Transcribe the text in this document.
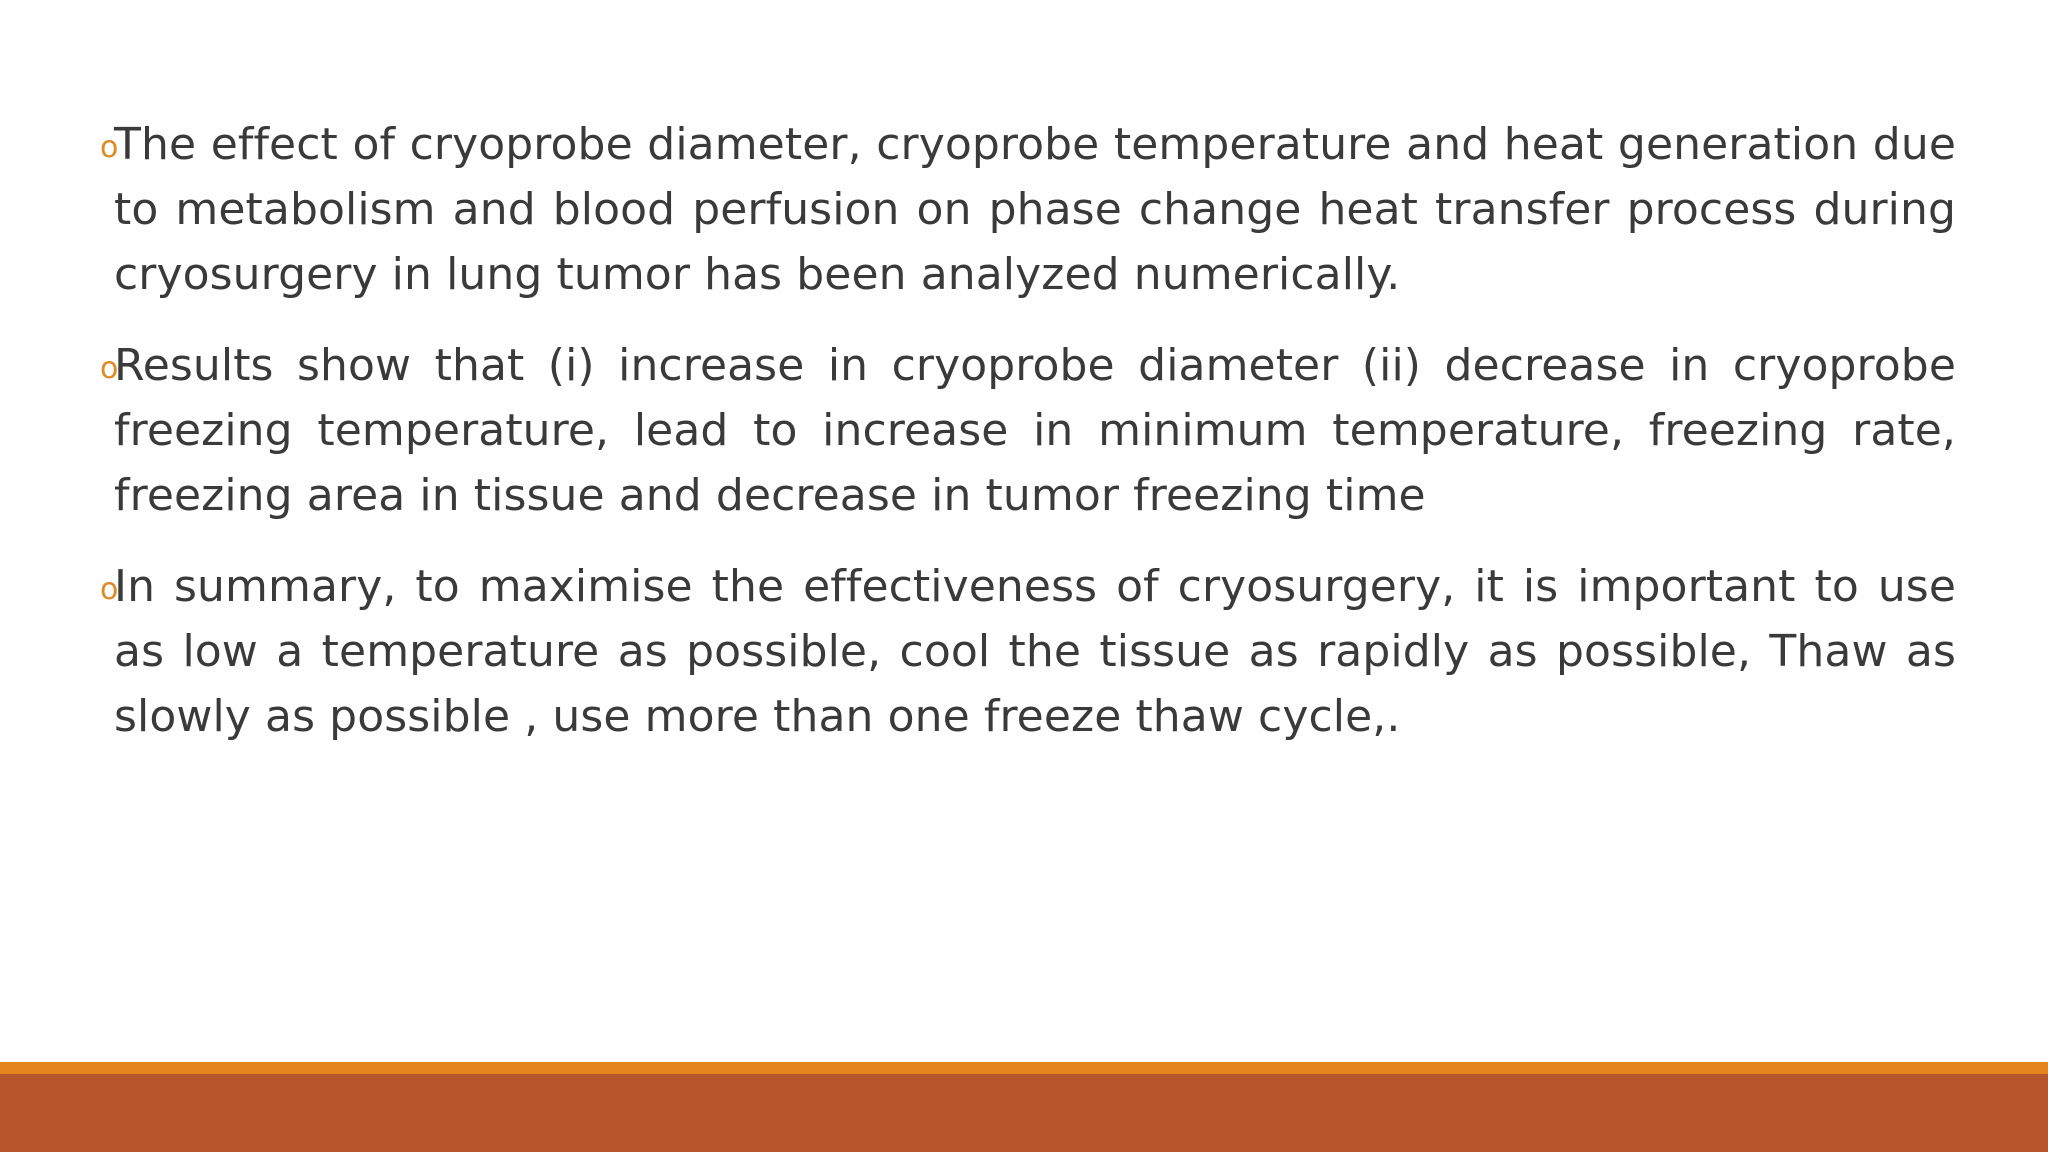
o
The effect of cryoprobe diameter, cryoprobe temperature and heat generation due to metabolism and blood perfusion on phase change heat transfer process during cryosurgery in lung tumor has been analyzed numerically.

o
Results show that (i) increase in cryoprobe diameter (ii) decrease in cryoprobe freezing temperature, lead to increase in minimum temperature, freezing rate, freezing area in tissue and decrease in tumor freezing time

o
In summary, to maximise the effectiveness of cryosurgery, it is important to use as low a temperature as possible, cool the tissue as rapidly as possible, Thaw as slowly as possible , use more than one freeze thaw cycle,.
